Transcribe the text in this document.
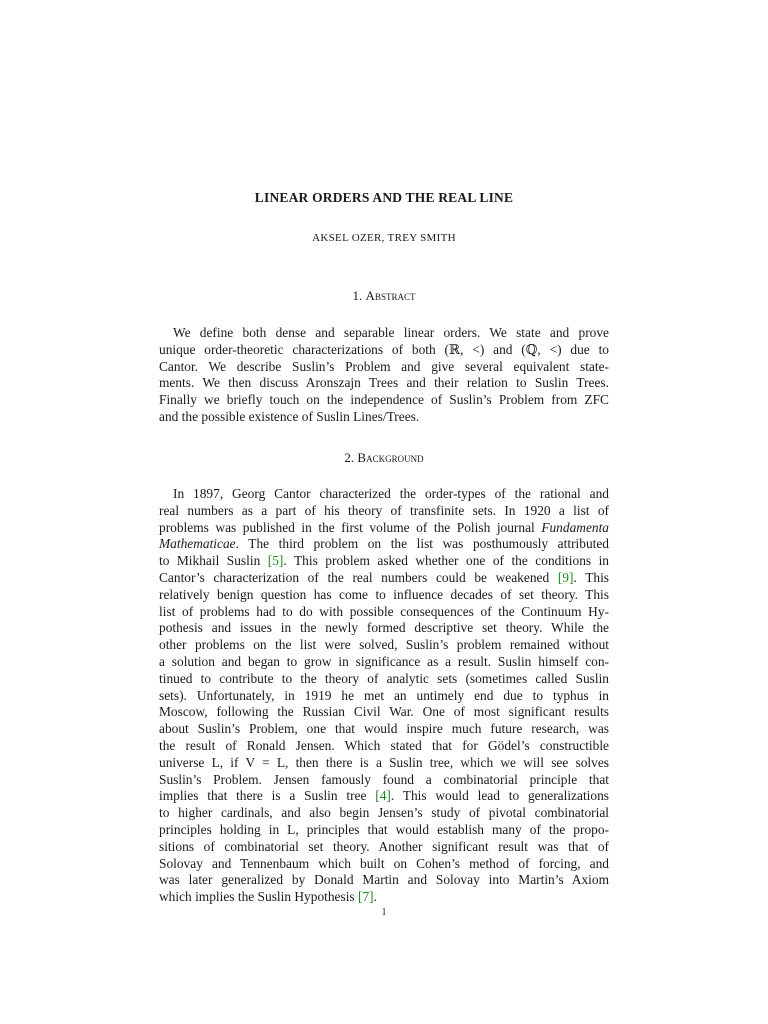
LINEAR ORDERS AND THE REAL LINE
AKSEL OZER, TREY SMITH
1. Abstract
We define both dense and separable linear orders. We state and prove
unique order-theoretic characterizations of both (ℝ, <) and (ℚ, <) due to
Cantor. We describe Suslin’s Problem and give several equivalent state-
ments. We then discuss Aronszajn Trees and their relation to Suslin Trees.
Finally we briefly touch on the independence of Suslin’s Problem from ZFC
and the possible existence of Suslin Lines/Trees.
2. Background
In 1897, Georg Cantor characterized the order-types of the rational and
real numbers as a part of his theory of transfinite sets. In 1920 a list of
problems was published in the first volume of the Polish journal Fundamenta
Mathematicae. The third problem on the list was posthumously attributed
to Mikhail Suslin [5]. This problem asked whether one of the conditions in
Cantor’s characterization of the real numbers could be weakened [9]. This
relatively benign question has come to influence decades of set theory. This
list of problems had to do with possible consequences of the Continuum Hy-
pothesis and issues in the newly formed descriptive set theory. While the
other problems on the list were solved, Suslin’s problem remained without
a solution and began to grow in significance as a result. Suslin himself con-
tinued to contribute to the theory of analytic sets (sometimes called Suslin
sets). Unfortunately, in 1919 he met an untimely end due to typhus in
Moscow, following the Russian Civil War. One of most significant results
about Suslin’s Problem, one that would inspire much future research, was
the result of Ronald Jensen. Which stated that for Gödel’s constructible
universe L, if V = L, then there is a Suslin tree, which we will see solves
Suslin’s Problem. Jensen famously found a combinatorial principle that
implies that there is a Suslin tree [4]. This would lead to generalizations
to higher cardinals, and also begin Jensen’s study of pivotal combinatorial
principles holding in L, principles that would establish many of the propo-
sitions of combinatorial set theory. Another significant result was that of
Solovay and Tennenbaum which built on Cohen’s method of forcing, and
was later generalized by Donald Martin and Solovay into Martin’s Axiom
which implies the Suslin Hypothesis [7].
1
